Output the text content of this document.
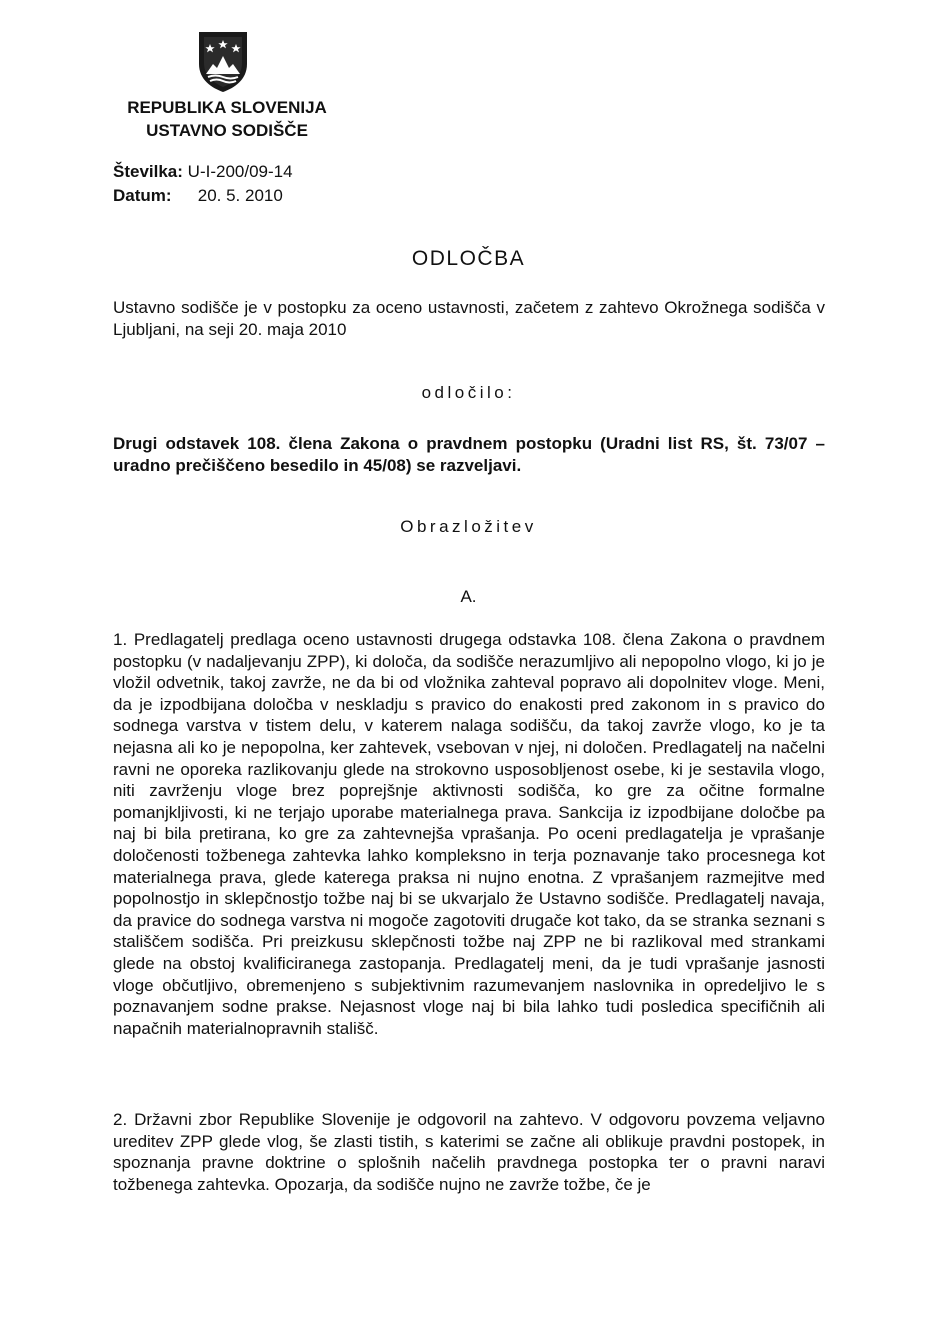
REPUBLIKA SLOVENIJA
USTAVNO SODIŠČE
Številka: U-I-200/09-14
Datum: 20. 5. 2010
ODLOČBA

Ustavno sodišče je v postopku za oceno ustavnosti, začetem z zahtevo Okrožnega sodišča v Ljubljani, na seji 20. maja 2010

odločilo:

Drugi odstavek 108. člena Zakona o pravdnem postopku (Uradni list RS, št. 73/07 – uradno prečiščeno besedilo in 45/08) se razveljavi.

Obrazložitev
A.

1. Predlagatelj predlaga oceno ustavnosti drugega odstavka 108. člena Zakona o pravdnem postopku (v nadaljevanju ZPP), ki določa, da sodišče nerazumljivo ali nepopolno vlogo, ki jo je vložil odvetnik, takoj zavrže, ne da bi od vložnika zahteval popravo ali dopolnitev vloge. Meni, da je izpodbijana določba v neskladju s pravico do enakosti pred zakonom in s pravico do sodnega varstva v tistem delu, v katerem nalaga sodišču, da takoj zavrže vlogo, ko je ta nejasna ali ko je nepopolna, ker zahtevek, vsebovan v njej, ni določen. Predlagatelj na načelni ravni ne oporeka razlikovanju glede na strokovno usposobljenost osebe, ki je sestavila vlogo, niti zavrženju vloge brez poprejšnje aktivnosti sodišča, ko gre za očitne formalne pomanjkljivosti, ki ne terjajo uporabe materialnega prava. Sankcija iz izpodbijane določbe pa naj bi bila pretirana, ko gre za zahtevnejša vprašanja. Po oceni predlagatelja je vprašanje določenosti tožbenega zahtevka lahko kompleksno in terja poznavanje tako procesnega kot materialnega prava, glede katerega praksa ni nujno enotna. Z vprašanjem razmejitve med popolnostjo in sklepčnostjo tožbe naj bi se ukvarjalo že Ustavno sodišče. Predlagatelj navaja, da pravice do sodnega varstva ni mogoče zagotoviti drugače kot tako, da se stranka seznani s stališčem sodišča. Pri preizkusu sklepčnosti tožbe naj ZPP ne bi razlikoval med strankami glede na obstoj kvalificiranega zastopanja. Predlagatelj meni, da je tudi vprašanje jasnosti vloge občutljivo, obremenjeno s subjektivnim razumevanjem naslovnika in opredeljivo le s poznavanjem sodne prakse. Nejasnost vloge naj bi bila lahko tudi posledica specifičnih ali napačnih materialnopravnih stališč.

2. Državni zbor Republike Slovenije je odgovoril na zahtevo. V odgovoru povzema veljavno ureditev ZPP glede vlog, še zlasti tistih, s katerimi se začne ali oblikuje pravdni postopek, in spoznanja pravne doktrine o splošnih načelih pravdnega postopka ter o pravni naravi tožbenega zahtevka. Opozarja, da sodišče nujno ne zavrže tožbe, če je
